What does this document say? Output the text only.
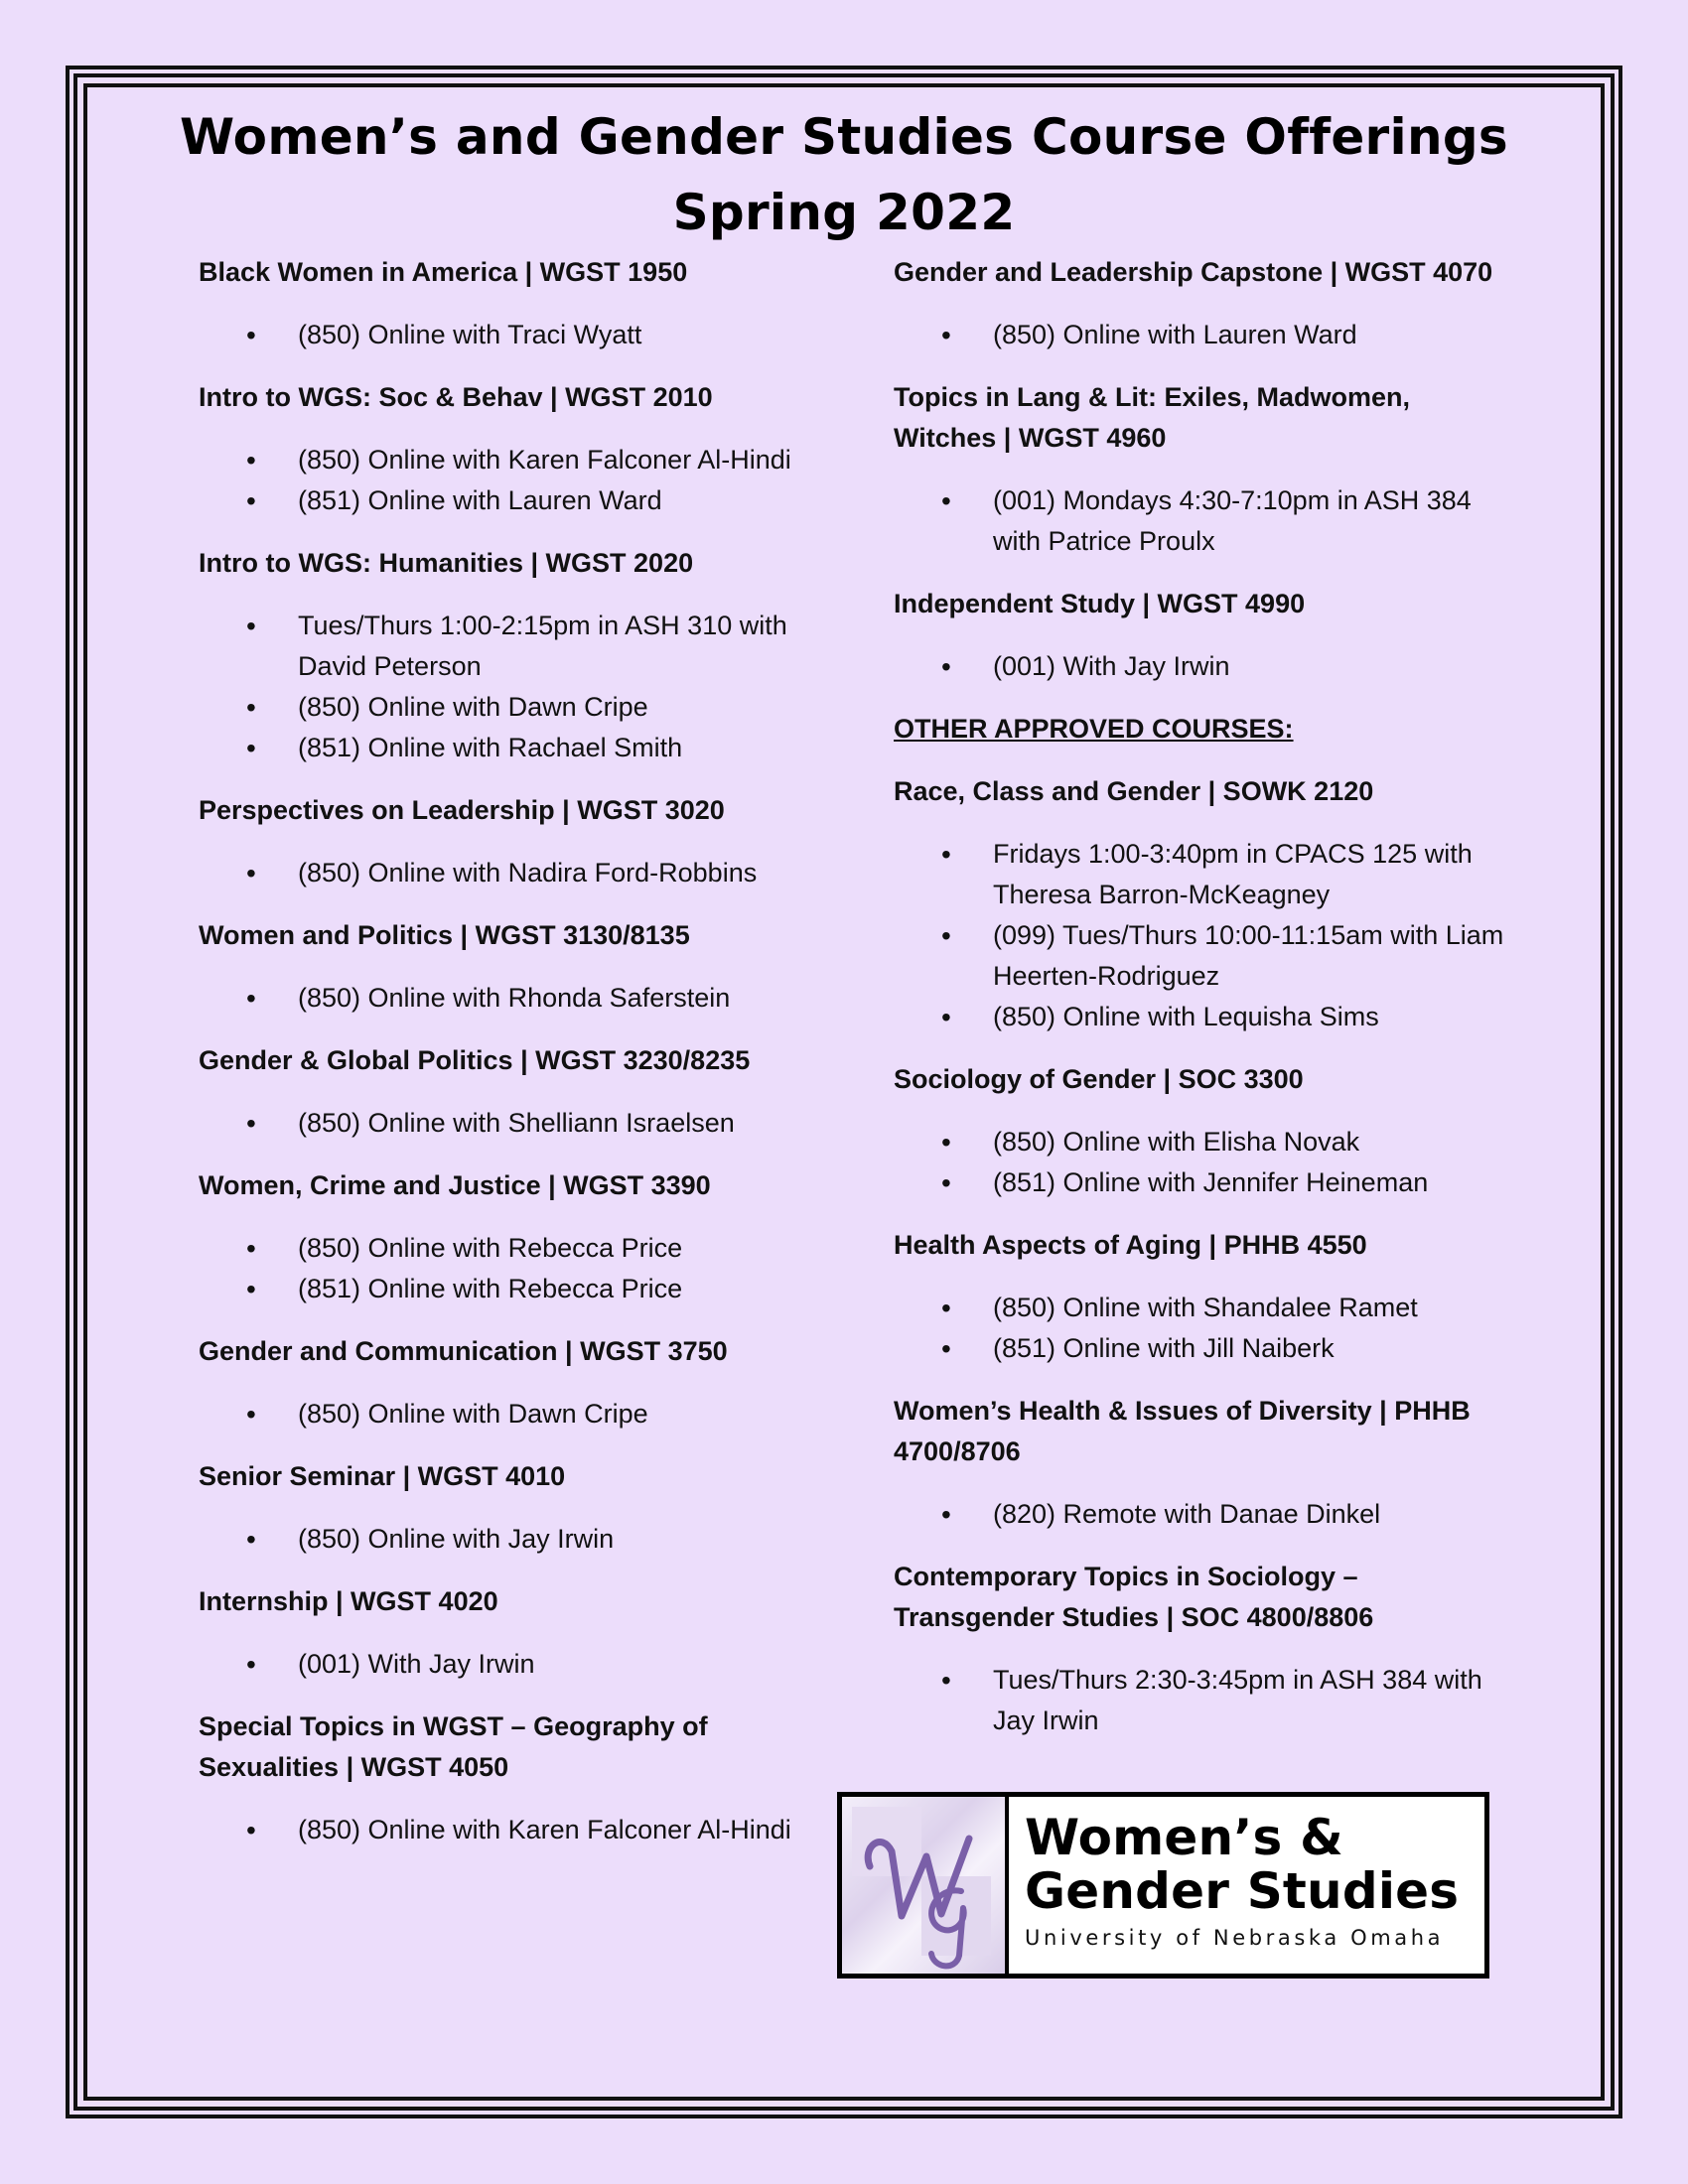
Women’s and Gender Studies Course Offerings
Spring 2022
Black Women in America | WGST 1950
• (850) Online with Traci Wyatt
Intro to WGS: Soc & Behav | WGST 2010
• (850) Online with Karen Falconer Al-Hindi
• (851) Online with Lauren Ward
Intro to WGS: Humanities | WGST 2020
• Tues/Thurs 1:00-2:15pm in ASH 310 with David Peterson
• (850) Online with Dawn Cripe
• (851) Online with Rachael Smith
Perspectives on Leadership | WGST 3020
• (850) Online with Nadira Ford-Robbins
Women and Politics | WGST 3130/8135
• (850) Online with Rhonda Saferstein
Gender & Global Politics | WGST 3230/8235
• (850) Online with Shelliann Israelsen
Women, Crime and Justice | WGST 3390
• (850) Online with Rebecca Price
• (851) Online with Rebecca Price
Gender and Communication | WGST 3750
• (850) Online with Dawn Cripe
Senior Seminar | WGST 4010
• (850) Online with Jay Irwin
Internship | WGST 4020
• (001) With Jay Irwin
Special Topics in WGST – Geography of Sexualities | WGST 4050
• (850) Online with Karen Falconer Al-Hindi
Gender and Leadership Capstone | WGST 4070
• (850) Online with Lauren Ward
Topics in Lang & Lit: Exiles, Madwomen, Witches | WGST 4960
• (001) Mondays 4:30-7:10pm in ASH 384 with Patrice Proulx
Independent Study | WGST 4990
• (001) With Jay Irwin
OTHER APPROVED COURSES:
Race, Class and Gender | SOWK 2120
• Fridays 1:00-3:40pm in CPACS 125 with Theresa Barron-McKeagney
• (099) Tues/Thurs 10:00-11:15am with Liam Heerten-Rodriguez
• (850) Online with Lequisha Sims
Sociology of Gender | SOC 3300
• (850) Online with Elisha Novak
• (851) Online with Jennifer Heineman
Health Aspects of Aging | PHHB 4550
• (850) Online with Shandalee Ramet
• (851) Online with Jill Naiberk
Women’s Health & Issues of Diversity | PHHB 4700/8706
• (820) Remote with Danae Dinkel
Contemporary Topics in Sociology – Transgender Studies | SOC 4800/8806
• Tues/Thurs 2:30-3:45pm in ASH 384 with Jay Irwin
Women’s &
Gender Studies
University of Nebraska Omaha
